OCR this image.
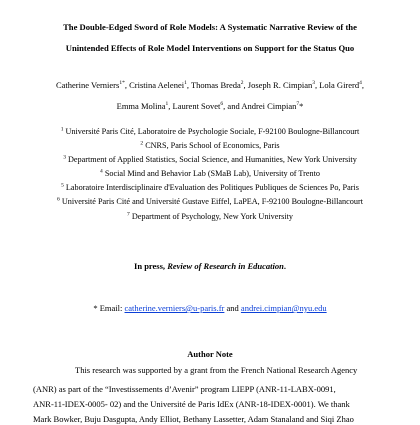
The Double-Edged Sword of Role Models: A Systematic Narrative Review of the
Unintended Effects of Role Model Interventions on Support for the Status Quo
Catherine Verniers$^{1*}$, Cristina Aelenei$^1$, Thomas Breda$^2$, Joseph R. Cimpian$^3$, Lola Girerd$^4$,
Emma Molina$^1$, Laurent Sovet$^6$, and Andrei Cimpian$^7$*
$^1$ Université Paris Cité, Laboratoire de Psychologie Sociale, F-92100 Boulogne-Billancourt
$^2$ CNRS, Paris School of Economics, Paris
$^3$ Department of Applied Statistics, Social Science, and Humanities, New York University
$^4$ Social Mind and Behavior Lab (SMaB Lab), University of Trento
$^5$ Laboratoire Interdisciplinaire d'Evaluation des Politiques Publiques de Sciences Po, Paris
$^6$ Université Paris Cité and Université Gustave Eiffel, LaPEA, F-92100 Boulogne-Billancourt
$^7$ Department of Psychology, New York University
In press, Review of Research in Education.
* Email: catherine.verniers@u-paris.fr and andrei.cimpian@nyu.edu
Author Note
This research was supported by a grant from the French National Research Agency
(ANR) as part of the “Investissements d’Avenir” program LIEPP (ANR-11-LABX-0091,
ANR-11-IDEX-0005- 02) and the Université de Paris IdEx (ANR-18-IDEX-0001). We thank
Mark Bowker, Buju Dasgupta, Andy Elliot, Bethany Lassetter, Adam Stanaland and Siqi Zhao
